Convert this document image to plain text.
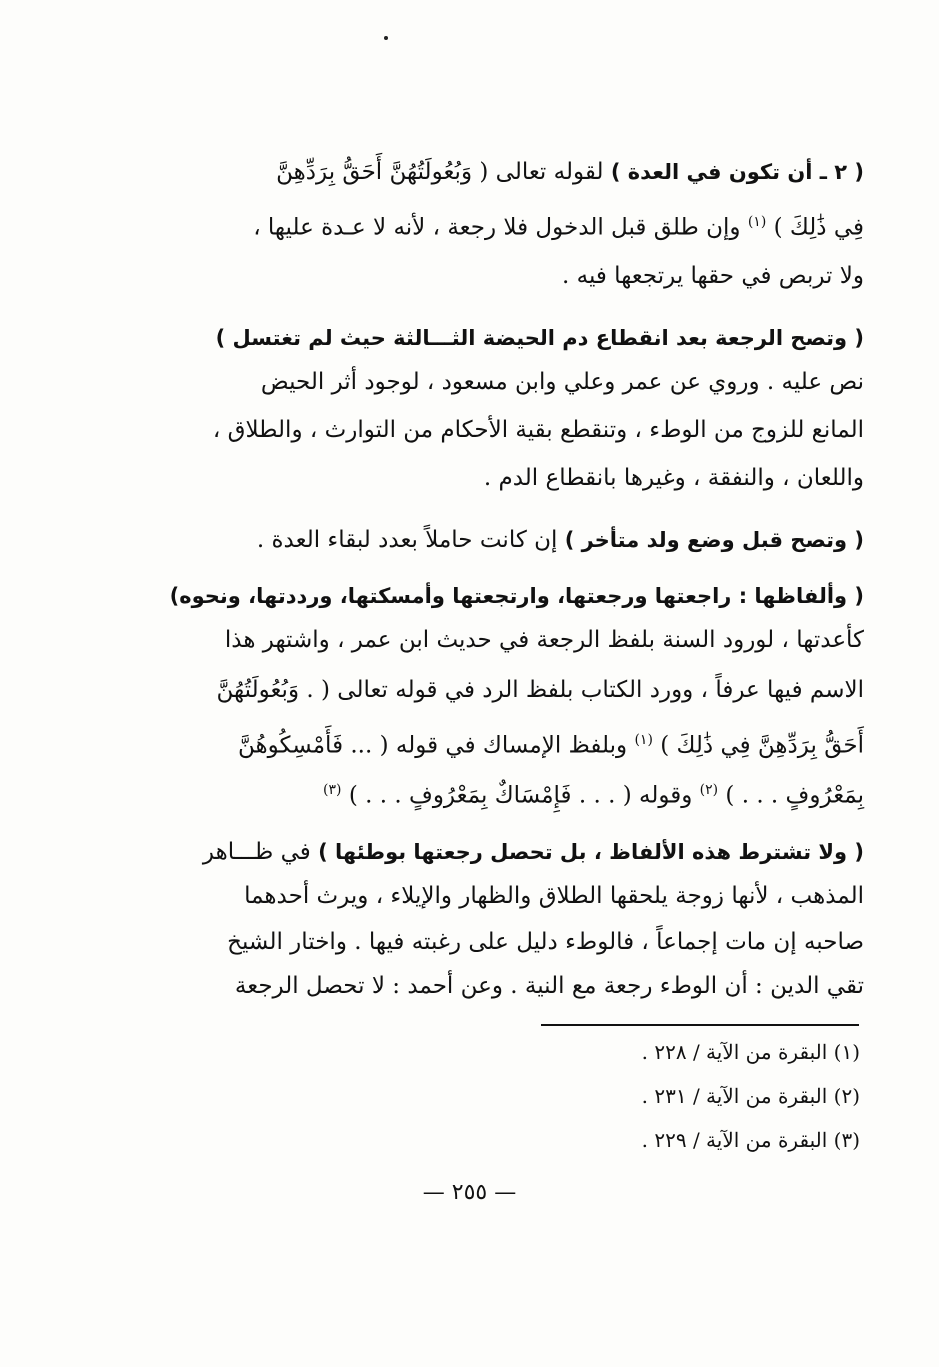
( ٢ ـ أن تكون في العدة ) لقوله تعالى ( وَبُعُولَتُهُنَّ أَحَقُّ بِرَدِّهِنَّ
فِي ذَٰلِكَ ) $^{(١)}$ وإن طلق قبل الدخول فلا رجعة ، لأنه لا عـدة عليها ،
ولا تربص في حقها يرتجعها فيه .
( وتصح الرجعة بعد انقطاع دم الحيضة الثـــالثة حيث لم تغتسل )
نص عليه . وروي عن عمر وعلي وابن مسعود ، لوجود أثر الحيض
المانع للزوج من الوطء ، وتنقطع بقية الأحكام من التوارث ، والطلاق ،
واللعان ، والنفقة ، وغيرها بانقطاع الدم .
( وتصح قبل وضع ولد متأخر ) إن كانت حاملاً بعدد لبقاء العدة .
( وألفاظها : راجعتها ورجعتها، وارتجعتها وأمسكتها، ورددتها، ونحوه)
كأعدتها ، لورود السنة بلفظ الرجعة في حديث ابن عمر ، واشتهر هذا
الاسم فيها عرفاً ، وورد الكتاب بلفظ الرد في قوله تعالى ( . وَبُعُولَتُهُنَّ
أَحَقُّ بِرَدِّهِنَّ فِي ذَٰلِكَ ) $^{(١)}$ وبلفظ الإمساك في قوله ( ... فَأَمْسِكُوهُنَّ
بِمَعْرُوفٍ . . . ) $^{(٢)}$ وقوله ( . . . فَإِمْسَاكٌ بِمَعْرُوفٍ . . . ) $^{(٣)}$
( ولا تشترط هذه الألفاظ ، بل تحصل رجعتها بوطئها ) في ظـــاهر
المذهب ، لأنها زوجة يلحقها الطلاق والظهار والإيلاء ، ويرث أحدهما
صاحبه إن مات إجماعاً ، فالوطء دليل على رغبته فيها . واختار الشيخ
تقي الدين : أن الوطء رجعة مع النية . وعن أحمد : لا تحصل الرجعة
(١) البقرة من الآية / ٢٢٨ .
(٢) البقرة من الآية / ٢٣١ .
(٣) البقرة من الآية / ٢٢٩ .
— ٢٥٥ —
